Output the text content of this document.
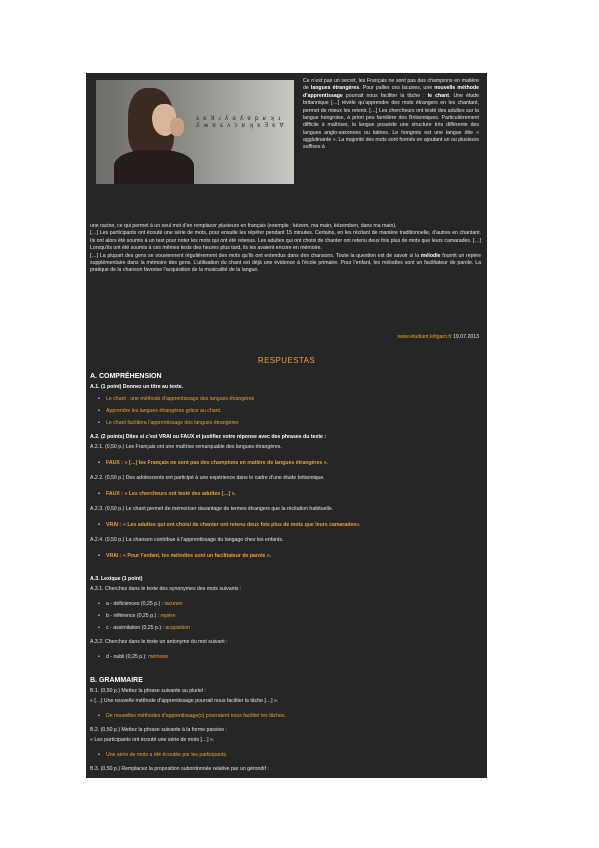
s ɐ ꓘ ɹ ʎ ə ʎ ɐ p ʁ ʞ ɹ ʎ ʍ ɐ s ʌ ɔ ɐ ʞ x Ǝ ɐ Ɐ
Ce n’est pas un secret, les Français ne sont pas des champions en matière de langues étrangères. Pour pallier ces lacunes, une nouvelle méthode d’apprentissage pourrait nous faciliter la tâche : le chant. Une étude britannique […] révèle qu’apprendre des mots étrangers en les chantant, permet de mieux les retenir. […] Les chercheurs ont testé des adultes sur la langue hongroise, à priori peu familière des Britanniques. Particulièrement difficile à maîtriser, la langue possède une structure très différente des langues anglo-saxonnes ou latines. Le hongrois est une langue dite « agglutinante ». La majorité des mots sont formés en ajoutant un ou plusieurs suffixes à
une racine, ce qui permet à un seul mot d’en remplacer plusieurs en français (exemple : kézem, ma main, kézemben, dans ma main).
[…] Les participants ont écouté une série de mots, pour ensuite les répéter pendant 15 minutes. Certains, en les récitant de manière traditionnelle, d’autres en chantant. Ils ont alors été soumis à un test pour noter les mots qui ont été retenus. Les adultes qui ont choisi de chanter ont retenu deux fois plus de mots que leurs camarades. […] Lorsqu’ils ont été soumis à ces mêmes tests des heures plus tard, ils les avaient encore en mémoire.
[…] La plupart des gens se souviennent régulièrement des mots qu’ils ont entendus dans des chansons. Toute la question est de savoir si la mélodie fournit un repère supplémentaire dans la mémoire des gens. L’utilisation du chant est déjà une évidence à l’école primaire. Pour l’enfant, les mélodies sont un facilitateur de parole. La pratique de la chanson favorise l’acquisition de la musicalité de la langue.
www.etudiant.lefigaro.fr 19.07.2013
RESPUESTAS
A. COMPRÉHENSION
A.1. (1 point) Donnez un titre au texte.
• Le chant : une méthode d’apprentissage des langues étrangères
• Apprendre les langues étrangères grâce au chant.
• Le chant facilitera l’apprentissage des langues étrangères
A.2. (2 points) Dites si c’est VRAI ou FAUX et justifiez votre réponse avec des phrases du texte :
A.2.1. (0,50 p.) Les Français ont une maîtrise remarquable des langues étrangères.
• FAUX : « […] les Français ne sont pas des champions en matière de langues étrangères ».
A.2.2. (0,50 p.) Des adolescents ont participé à une expérience dans le cadre d’une étude britannique.
• FAUX : « Les chercheurs ont testé des adultes […] ».
A.2.3. (0,50 p.) Le chant permet de mémoriser davantage de termes étrangers que la récitation habituelle.
• VRAI : « Les adultes qui ont choisi de chanter ont retenu deux fois plus de mots que leurs camarades».
A.2.4. (0,50 p.) La chanson contribue à l’apprentissage du langage chez les enfants.
• VRAI : « Pour l’enfant, les mélodies sont un facilitateur de parole ».
A.3. Lexique (1 point)
A.3.1. Cherchez dans le texte des synonymes des mots suivants :
• a - déficiences (0,25 p.) : lacunes
• b - référence (0,25 p.) : repère
• c - assimilation (0,25 p.) : acquisition
A.3.2. Cherchez dans le texte un antonyme du mot suivant :
• d - oubli (0,25 p.): mémoire
B. GRAMMAIRE
B.1. (0,50 p.) Mettez la phrase suivante au pluriel :
« […] Une nouvelle méthode d’apprentissage pourrait nous faciliter la tâche […] ».
• De nouvelles méthodes d’apprentissage(s) pourraient nous faciliter les tâches.
B.2. (0,50 p.) Mettez la phrase suivante à la forme passive :
« Les participants ont écouté une série de mots […] ».
• Une série de mots a été écoutée par les participants.
B.3. (0,50 p.) Remplacez la proposition subordonnée relative par un gérondif :
